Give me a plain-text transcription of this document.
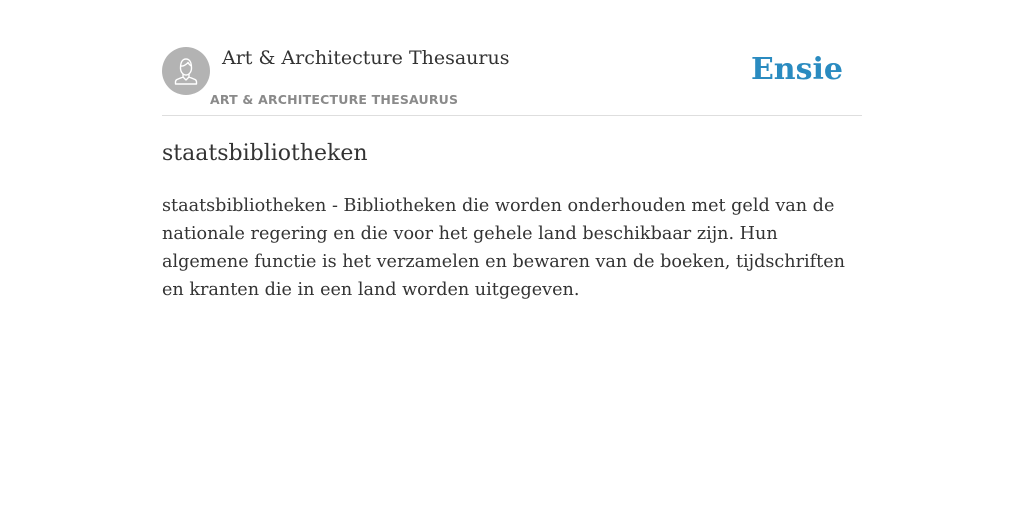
Art & Architecture Thesaurus
ART & ARCHITECTURE THESAURUS
Ensie
staatsbibliotheken

staatsbibliotheken - Bibliotheken die worden onderhouden met geld van de nationale regering en die voor het gehele land beschikbaar zijn. Hun algemene functie is het verzamelen en bewaren van de boeken, tijdschriften en kranten die in een land worden uitgegeven.
